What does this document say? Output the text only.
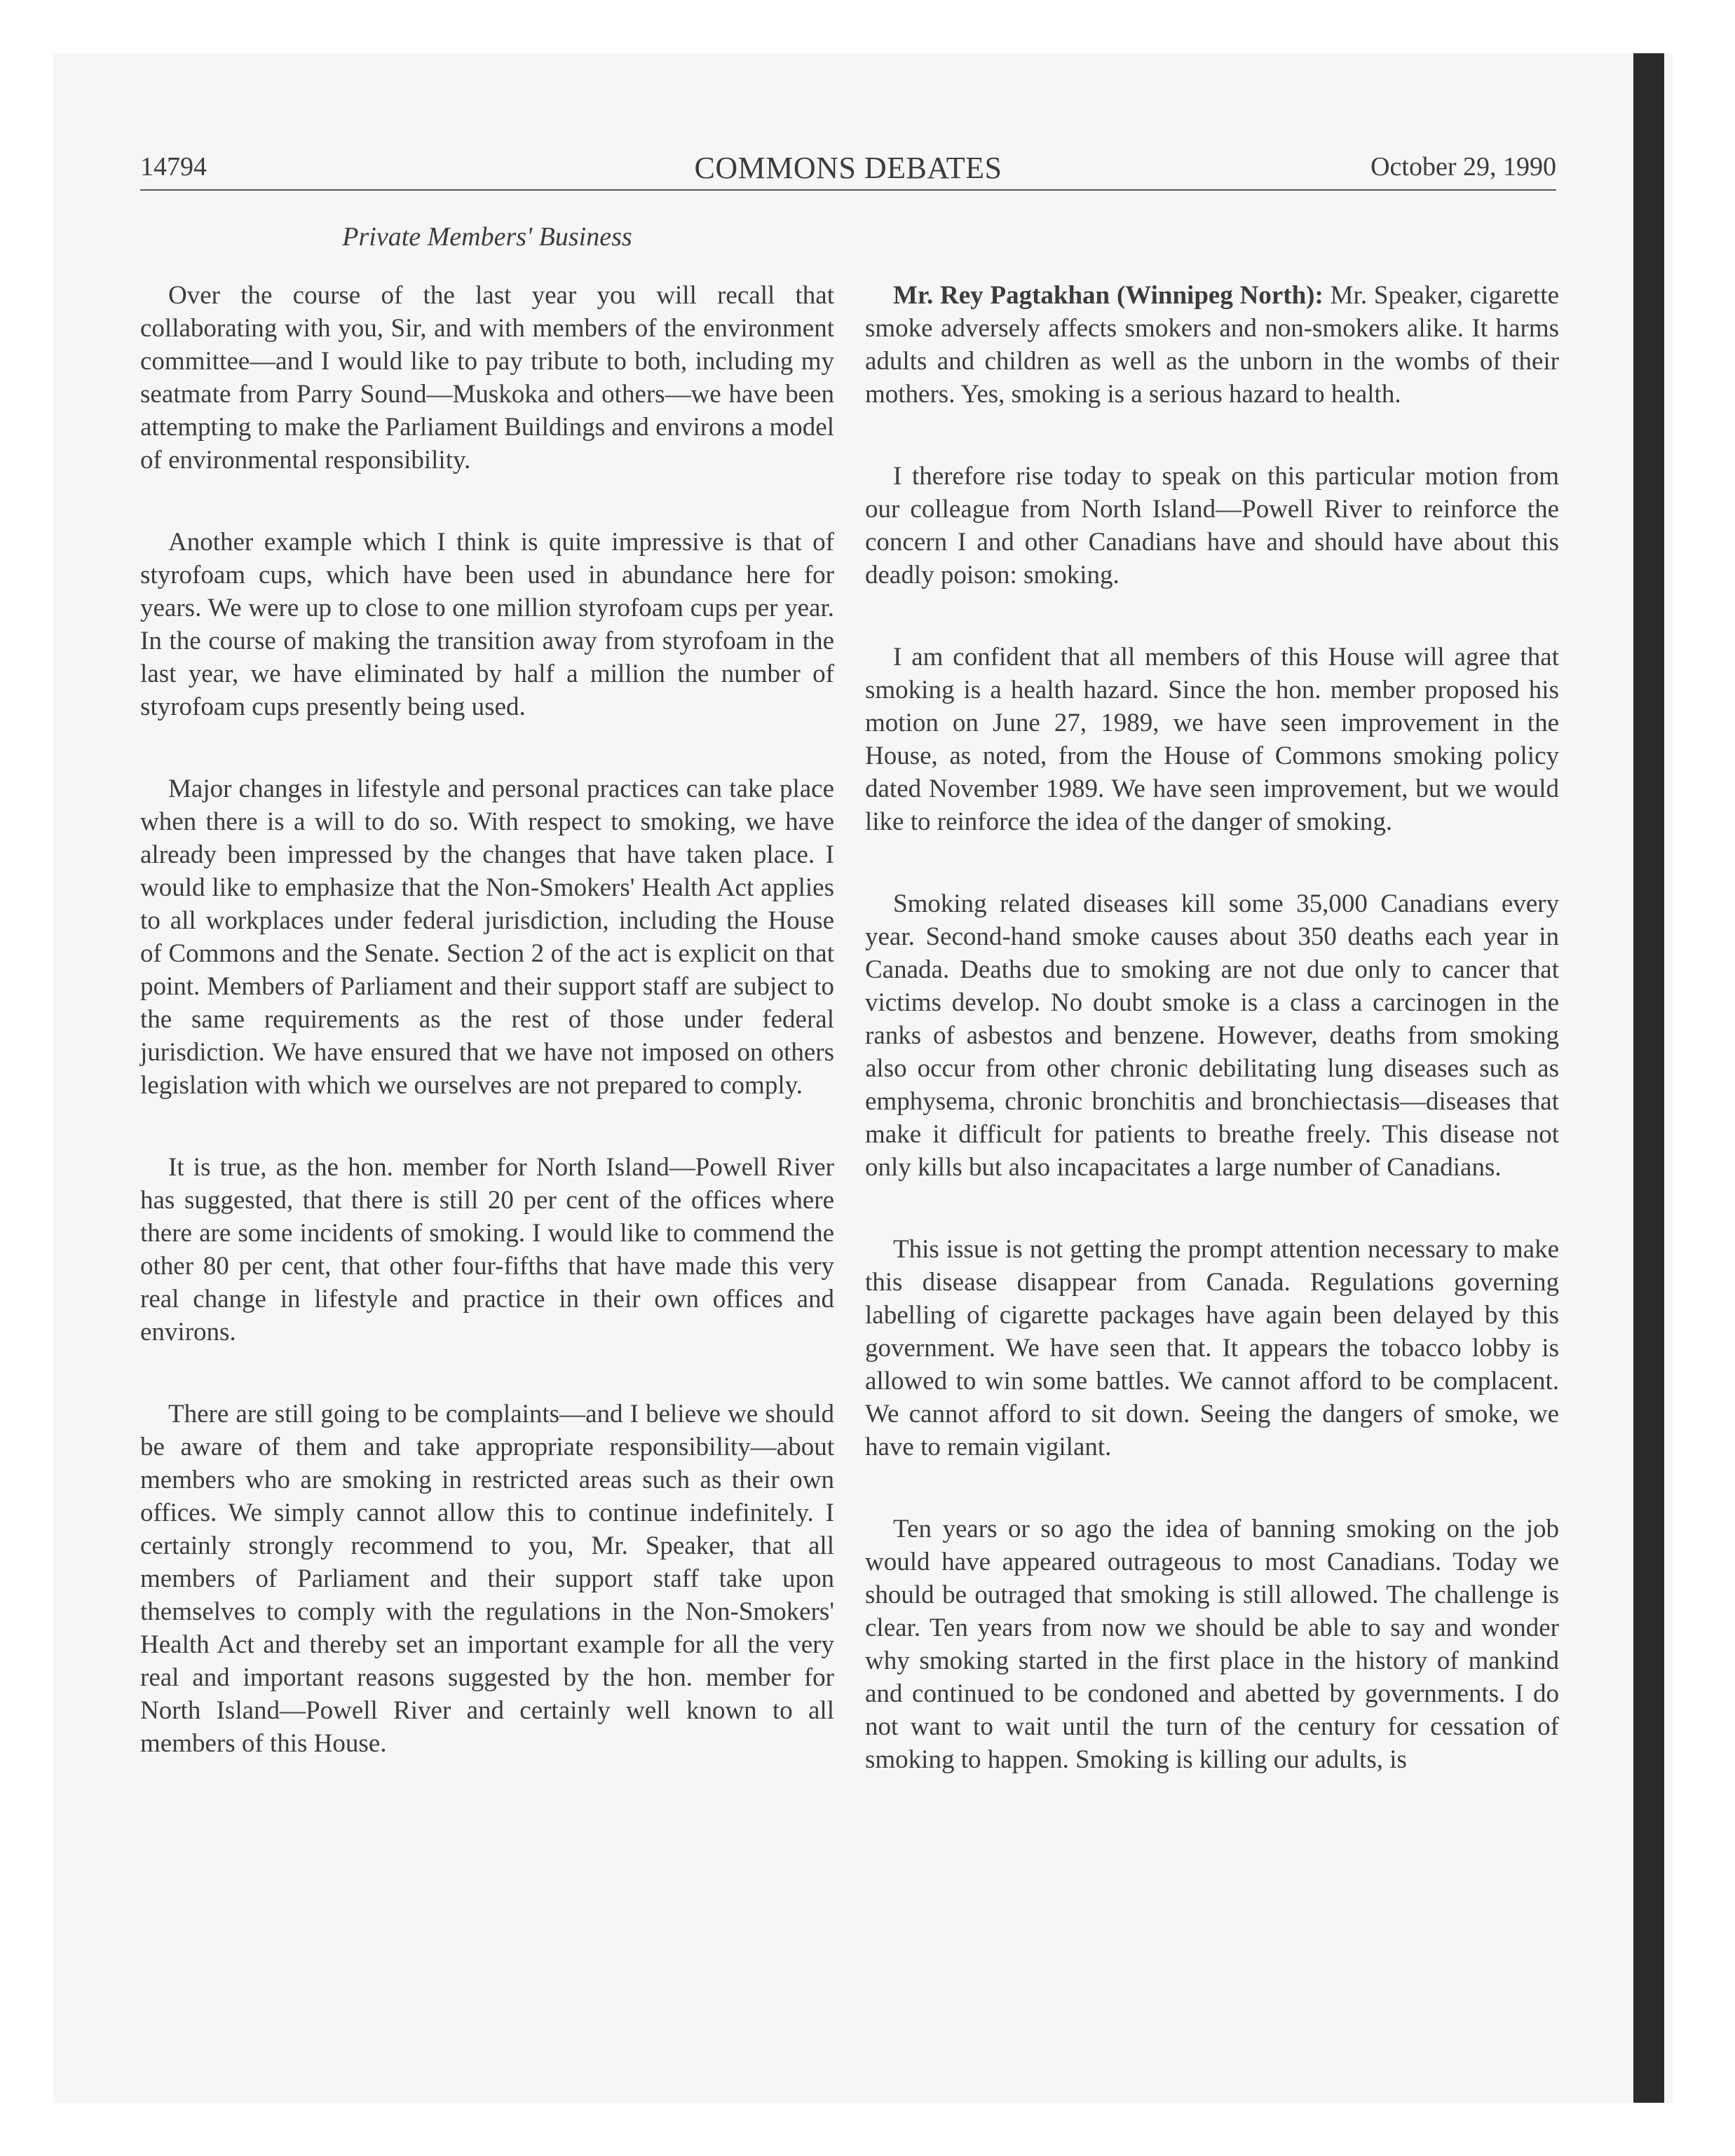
14794	COMMONS DEBATES	October 29, 1990
Private Members' Business

Over the course of the last year you will recall that collaborating with you, Sir, and with members of the environment committee—and I would like to pay tribute to both, including my seatmate from Parry Sound—Muskoka and others—we have been attempting to make the Parliament Buildings and environs a model of environmental responsibility.

Another example which I think is quite impressive is that of styrofoam cups, which have been used in abundance here for years. We were up to close to one million styrofoam cups per year. In the course of making the transition away from styrofoam in the last year, we have eliminated by half a million the number of styrofoam cups presently being used.

Major changes in lifestyle and personal practices can take place when there is a will to do so. With respect to smoking, we have already been impressed by the changes that have taken place. I would like to emphasize that the Non-Smokers' Health Act applies to all workplaces under federal jurisdiction, including the House of Commons and the Senate. Section 2 of the act is explicit on that point. Members of Parliament and their support staff are subject to the same requirements as the rest of those under federal jurisdiction. We have ensured that we have not imposed on others legislation with which we ourselves are not prepared to comply.

It is true, as the hon. member for North Island—Powell River has suggested, that there is still 20 per cent of the offices where there are some incidents of smoking. I would like to commend the other 80 per cent, that other four-fifths that have made this very real change in lifestyle and practice in their own offices and environs.

There are still going to be complaints—and I believe we should be aware of them and take appropriate responsibility—about members who are smoking in restricted areas such as their own offices. We simply cannot allow this to continue indefinitely. I certainly strongly recommend to you, Mr. Speaker, that all members of Parliament and their support staff take upon themselves to comply with the regulations in the Non-Smokers' Health Act and thereby set an important example for all the very real and important reasons suggested by the hon. member for North Island—Powell River and certainly well known to all members of this House.

Mr. Rey Pagtakhan (Winnipeg North): Mr. Speaker, cigarette smoke adversely affects smokers and non-smokers alike. It harms adults and children as well as the unborn in the wombs of their mothers. Yes, smoking is a serious hazard to health.

I therefore rise today to speak on this particular motion from our colleague from North Island—Powell River to reinforce the concern I and other Canadians have and should have about this deadly poison: smoking.

I am confident that all members of this House will agree that smoking is a health hazard. Since the hon. member proposed his motion on June 27, 1989, we have seen improvement in the House, as noted, from the House of Commons smoking policy dated November 1989. We have seen improvement, but we would like to reinforce the idea of the danger of smoking.

Smoking related diseases kill some 35,000 Canadians every year. Second-hand smoke causes about 350 deaths each year in Canada. Deaths due to smoking are not due only to cancer that victims develop. No doubt smoke is a class a carcinogen in the ranks of asbestos and benzene. However, deaths from smoking also occur from other chronic debilitating lung diseases such as emphysema, chronic bronchitis and bronchiectasis—diseases that make it difficult for patients to breathe freely. This disease not only kills but also incapacitates a large number of Canadians.

This issue is not getting the prompt attention necessary to make this disease disappear from Canada. Regulations governing labelling of cigarette packages have again been delayed by this government. We have seen that. It appears the tobacco lobby is allowed to win some battles. We cannot afford to be complacent. We cannot afford to sit down. Seeing the dangers of smoke, we have to remain vigilant.

Ten years or so ago the idea of banning smoking on the job would have appeared outrageous to most Canadians. Today we should be outraged that smoking is still allowed. The challenge is clear. Ten years from now we should be able to say and wonder why smoking started in the first place in the history of mankind and continued to be condoned and abetted by governments. I do not want to wait until the turn of the century for cessation of smoking to happen. Smoking is killing our adults, is
